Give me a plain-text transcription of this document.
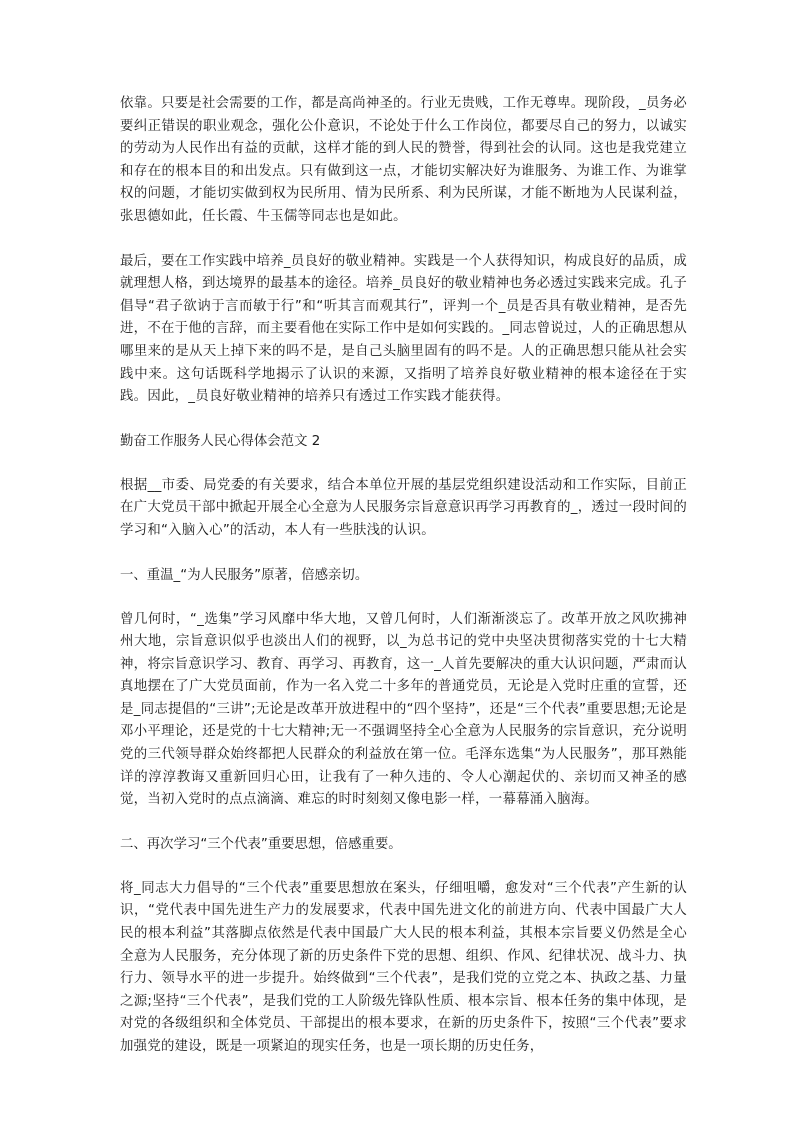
依靠。只要是社会需要的工作，都是高尚神圣的。行业无贵贱，工作无尊卑。现阶段，_员务必要纠正错误的职业观念，强化公仆意识，不论处于什么工作岗位，都要尽自己的努力，以诚实的劳动为人民作出有益的贡献，这样才能的到人民的赞誉，得到社会的认同。这也是我党建立和存在的根本目的和出发点。只有做到这一点，才能切实解决好为谁服务、为谁工作、为谁掌权的问题，才能切实做到权为民所用、情为民所系、利为民所谋，才能不断地为人民谋利益，张思德如此，任长霞、牛玉儒等同志也是如此。

最后，要在工作实践中培养_员良好的敬业精神。实践是一个人获得知识，构成良好的品质，成就理想人格，到达境界的最基本的途径。培养_员良好的敬业精神也务必透过实践来完成。孔子倡导“君子欲讷于言而敏于行”和“听其言而观其行”，评判一个_员是否具有敬业精神，是否先进，不在于他的言辞，而主要看他在实际工作中是如何实践的。_同志曾说过，人的正确思想从哪里来的是从天上掉下来的吗不是，是自己头脑里固有的吗不是。人的正确思想只能从社会实践中来。这句话既科学地揭示了认识的来源，又指明了培养良好敬业精神的根本途径在于实践。因此，_员良好敬业精神的培养只有透过工作实践才能获得。

勤奋工作服务人民心得体会范文 2

根据__市委、局党委的有关要求，结合本单位开展的基层党组织建设活动和工作实际，目前正在广大党员干部中掀起开展全心全意为人民服务宗旨意意识再学习再教育的_，透过一段时间的学习和“入脑入心”的活动，本人有一些肤浅的认识。

一、重温_“为人民服务”原著，倍感亲切。

曾几何时，“_选集”学习风靡中华大地，又曾几何时，人们渐渐淡忘了。改革开放之风吹拂神州大地，宗旨意识似乎也淡出人们的视野，以_为总书记的党中央坚决贯彻落实党的十七大精神，将宗旨意识学习、教育、再学习、再教育，这一_人首先要解决的重大认识问题，严肃而认真地摆在了广大党员面前，作为一名入党二十多年的普通党员，无论是入党时庄重的宣誓，还是_同志提倡的“三讲”;无论是改革开放进程中的“四个坚持”，还是“三个代表”重要思想;无论是邓小平理论，还是党的十七大精神;无一不强调坚持全心全意为人民服务的宗旨意识，充分说明党的三代领导群众始终都把人民群众的利益放在第一位。毛泽东选集“为人民服务”，那耳熟能详的淳淳教诲又重新回归心田，让我有了一种久违的、令人心潮起伏的、亲切而又神圣的感觉，当初入党时的点点滴滴、难忘的时时刻刻又像电影一样，一幕幕涌入脑海。

二、再次学习“三个代表”重要思想，倍感重要。

将_同志大力倡导的“三个代表”重要思想放在案头，仔细咀嚼，愈发对“三个代表”产生新的认识，“党代表中国先进生产力的发展要求，代表中国先进文化的前进方向、代表中国最广大人民的根本利益”其落脚点依然是代表中国最广大人民的根本利益，其根本宗旨要义仍然是全心全意为人民服务，充分体现了新的历史条件下党的思想、组织、作风、纪律状况、战斗力、执行力、领导水平的进一步提升。始终做到“三个代表”，是我们党的立党之本、执政之基、力量之源;坚持“三个代表”，是我们党的工人阶级先锋队性质、根本宗旨、根本任务的集中体现，是对党的各级组织和全体党员、干部提出的根本要求，在新的历史条件下，按照“三个代表”要求加强党的建设，既是一项紧迫的现实任务，也是一项长期的历史任务，
